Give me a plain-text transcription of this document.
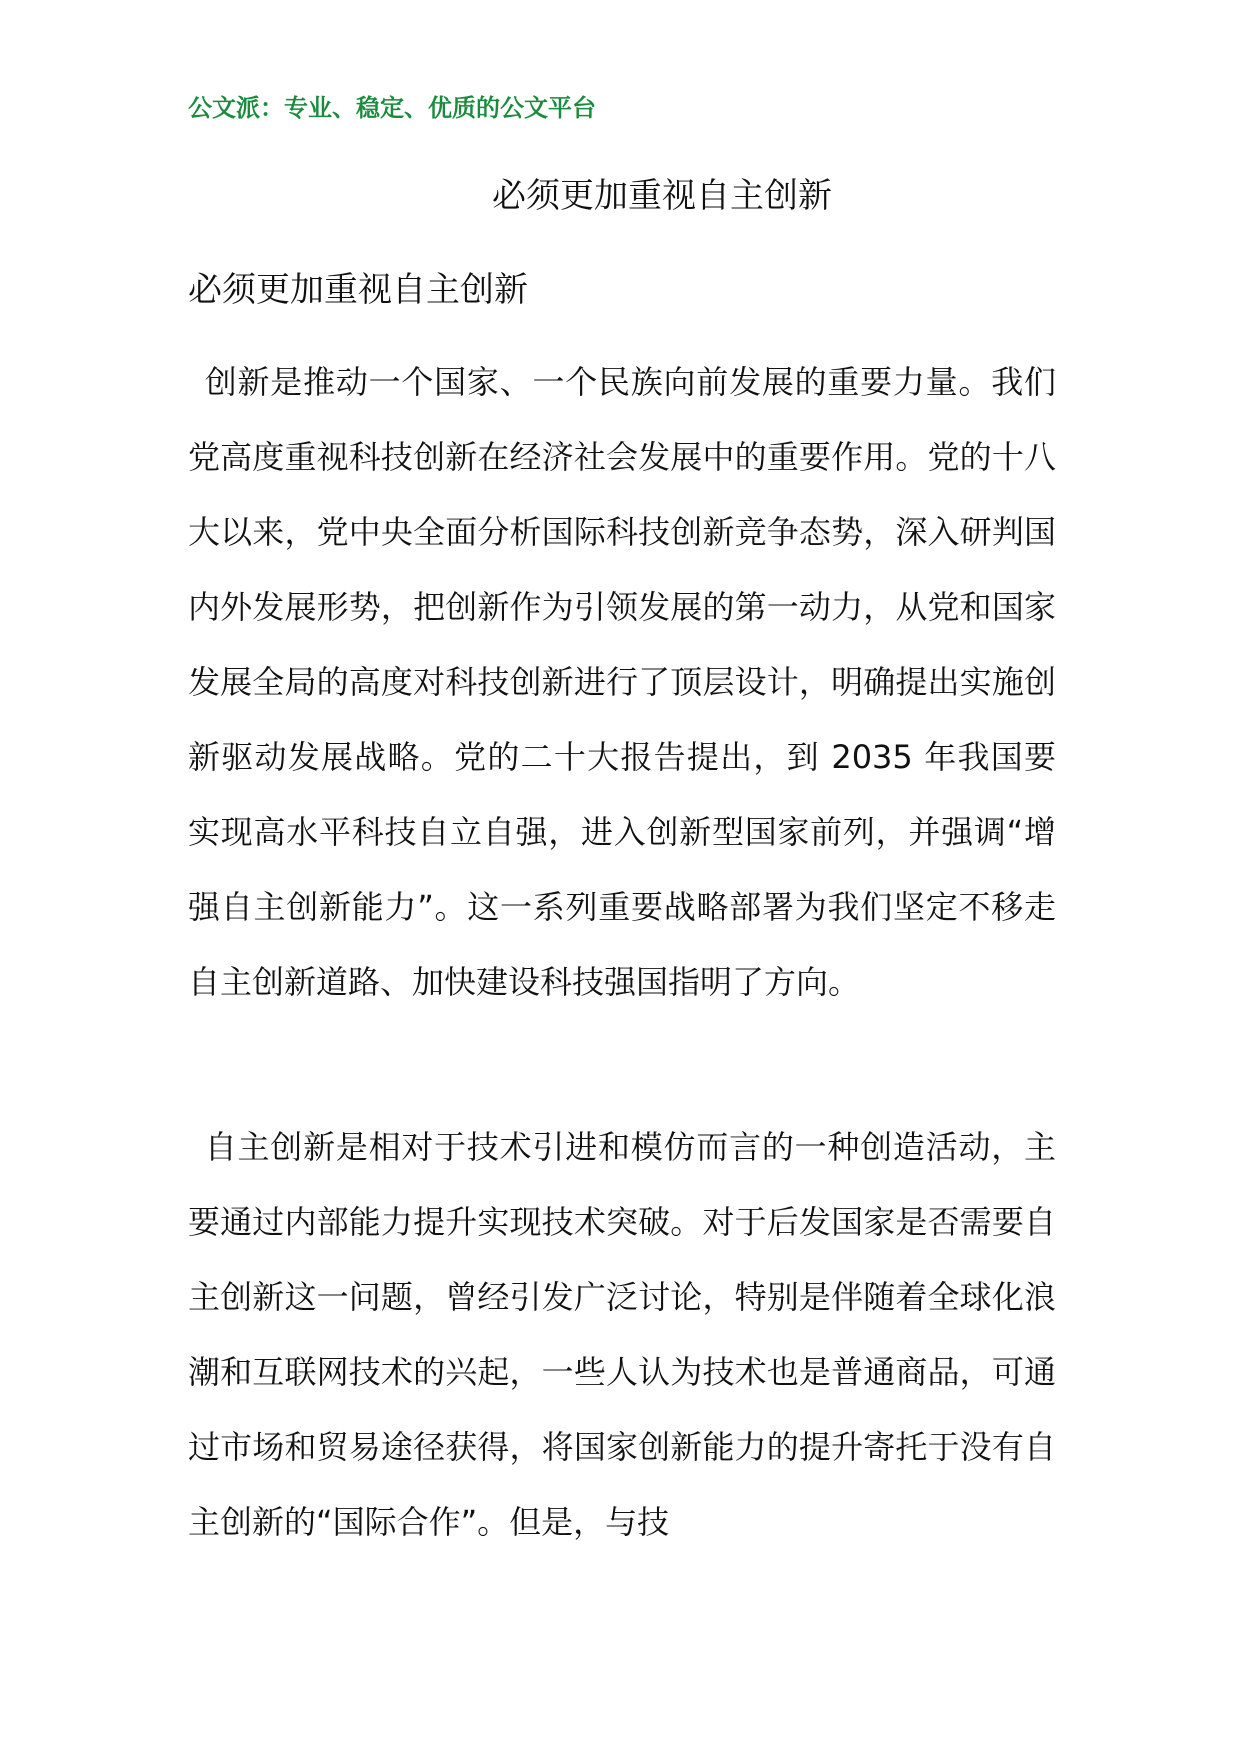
公文派：专业、稳定、优质的公文平台
必须更加重视自主创新
必须更加重视自主创新

创新是推动一个国家、一个民族向前发展的重要力量。我们党高度重视科技创新在经济社会发展中的重要作用。党的十八大以来，党中央全面分析国际科技创新竞争态势，深入研判国内外发展形势，把创新作为引领发展的第一动力，从党和国家发展全局的高度对科技创新进行了顶层设计，明确提出实施创新驱动发展战略。党的二十大报告提出，到 2035 年我国要实现高水平科技自立自强，进入创新型国家前列，并强调“增强自主创新能力”。这一系列重要战略部署为我们坚定不移走自主创新道路、加快建设科技强国指明了方向。

自主创新是相对于技术引进和模仿而言的一种创造活动，主要通过内部能力提升实现技术突破。对于后发国家是否需要自主创新这一问题，曾经引发广泛讨论，特别是伴随着全球化浪潮和互联网技术的兴起，一些人认为技术也是普通商品，可通过市场和贸易途径获得，将国家创新能力的提升寄托于没有自主创新的“国际合作”。但是，与技
